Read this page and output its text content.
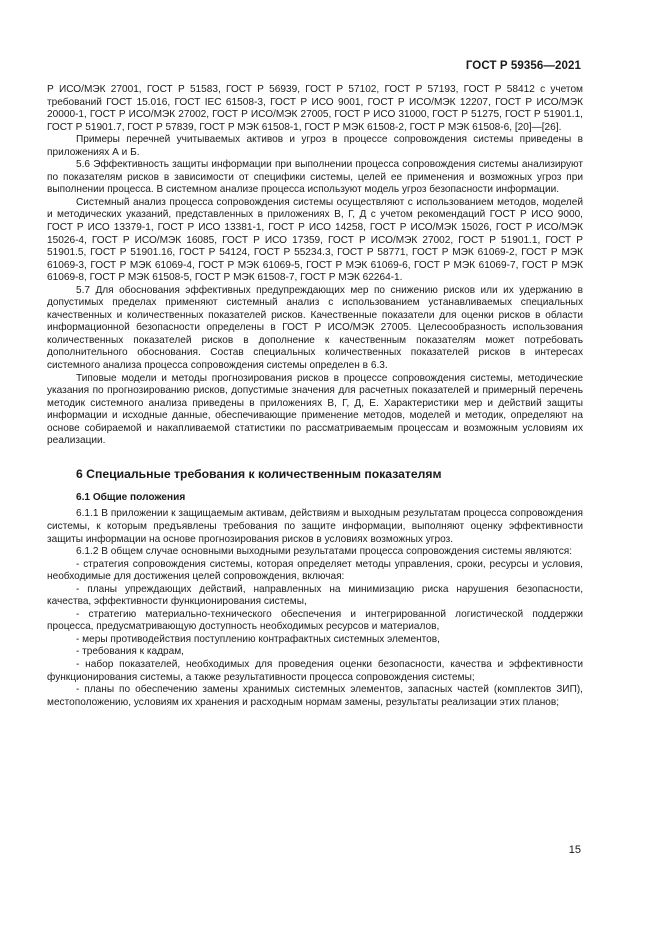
ГОСТ Р 59356—2021

Р ИСО/МЭК 27001, ГОСТ Р 51583, ГОСТ Р 56939, ГОСТ Р 57102, ГОСТ Р 57193, ГОСТ Р 58412 с учетом требований ГОСТ 15.016, ГОСТ IEC 61508-3, ГОСТ Р ИСО 9001, ГОСТ Р ИСО/МЭК 12207, ГОСТ Р ИСО/МЭК 20000-1, ГОСТ Р ИСО/МЭК 27002, ГОСТ Р ИСО/МЭК 27005, ГОСТ Р ИСО 31000, ГОСТ Р 51275, ГОСТ Р 51901.1, ГОСТ Р 51901.7, ГОСТ Р 57839, ГОСТ Р МЭК 61508-1, ГОСТ Р МЭК 61508-2, ГОСТ Р МЭК 61508-6, [20]—[26].

Примеры перечней учитываемых активов и угроз в процессе сопровождения системы приведены в приложениях А и Б.

5.6 Эффективность защиты информации при выполнении процесса сопровождения системы анализируют по показателям рисков в зависимости от специфики системы, целей ее применения и возможных угроз при выполнении процесса. В системном анализе процесса используют модель угроз безопасности информации.

Системный анализ процесса сопровождения системы осуществляют с использованием методов, моделей и методических указаний, представленных в приложениях В, Г, Д с учетом рекомендаций ГОСТ Р ИСО 9000, ГОСТ Р ИСО 13379-1, ГОСТ Р ИСО 13381-1, ГОСТ Р ИСО 14258, ГОСТ Р ИСО/МЭК 15026, ГОСТ Р ИСО/МЭК 15026-4, ГОСТ Р ИСО/МЭК 16085, ГОСТ Р ИСО 17359, ГОСТ Р ИСО/МЭК 27002, ГОСТ Р 51901.1, ГОСТ Р 51901.5, ГОСТ Р 51901.16, ГОСТ Р 54124, ГОСТ Р 55234.3, ГОСТ Р 58771, ГОСТ Р МЭК 61069-2, ГОСТ Р МЭК 61069-3, ГОСТ Р МЭК 61069-4, ГОСТ Р МЭК 61069-5, ГОСТ Р МЭК 61069-6, ГОСТ Р МЭК 61069-7, ГОСТ Р МЭК 61069-8, ГОСТ Р МЭК 61508-5, ГОСТ Р МЭК 61508-7, ГОСТ Р МЭК 62264-1.

5.7 Для обоснования эффективных предупреждающих мер по снижению рисков или их удержанию в допустимых пределах применяют системный анализ с использованием устанавливаемых специальных качественных и количественных показателей рисков. Качественные показатели для оценки рисков в области информационной безопасности определены в ГОСТ Р ИСО/МЭК 27005. Целесообразность использования количественных показателей рисков в дополнение к качественным показателям может потребовать дополнительного обоснования. Состав специальных количественных показателей рисков в интересах системного анализа процесса сопровождения системы определен в 6.3.

Типовые модели и методы прогнозирования рисков в процессе сопровождения системы, методические указания по прогнозированию рисков, допустимые значения для расчетных показателей и примерный перечень методик системного анализа приведены в приложениях В, Г, Д, Е. Характеристики мер и действий защиты информации и исходные данные, обеспечивающие применение методов, моделей и методик, определяют на основе собираемой и накапливаемой статистики по рассматриваемым процессам и возможным условиям их реализации.

6 Специальные требования к количественным показателям

6.1 Общие положения

6.1.1 В приложении к защищаемым активам, действиям и выходным результатам процесса сопровождения системы, к которым предъявлены требования по защите информации, выполняют оценку эффективности защиты информации на основе прогнозирования рисков в условиях возможных угроз.

6.1.2 В общем случае основными выходными результатами процесса сопровождения системы являются:

- стратегия сопровождения системы, которая определяет методы управления, сроки, ресурсы и условия, необходимые для достижения целей сопровождения, включая:

- планы упреждающих действий, направленных на минимизацию риска нарушения безопасности, качества, эффективности функционирования системы,

- стратегию материально-технического обеспечения и интегрированной логистической поддержки процесса, предусматривающую доступность необходимых ресурсов и материалов,

- меры противодействия поступлению контрафактных системных элементов,

- требования к кадрам,

- набор показателей, необходимых для проведения оценки безопасности, качества и эффективности функционирования системы, а также результативности процесса сопровождения системы;

- планы по обеспечению замены хранимых системных элементов, запасных частей (комплектов ЗИП), местоположению, условиям их хранения и расходным нормам замены, результаты реализации этих планов;

15
